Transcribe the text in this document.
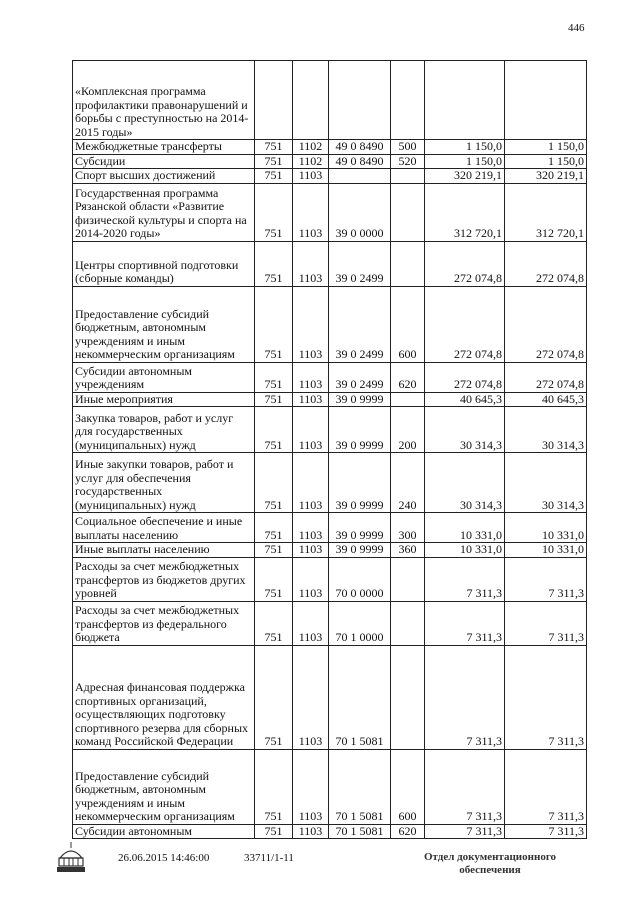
446
«Комплексная программа профилактики правонарушений и борьбы с преступностью на 2014-2015 годы»						
Межбюджетные трансферты	751	1102	49 0 8490	500	1 150,0	1 150,0
Субсидии	751	1102	49 0 8490	520	1 150,0	1 150,0
Спорт высших достижений	751	1103			320 219,1	320 219,1
Государственная программа Рязанской области «Развитие физической культуры и спорта на 2014-2020 годы»	751	1103	39 0 0000		312 720,1	312 720,1
Центры спортивной подготовки (сборные команды)	751	1103	39 0 2499		272 074,8	272 074,8
Предоставление субсидий бюджетным, автономным учреждениям и иным некоммерческим организациям	751	1103	39 0 2499	600	272 074,8	272 074,8
Субсидии автономным учреждениям	751	1103	39 0 2499	620	272 074,8	272 074,8
Иные мероприятия	751	1103	39 0 9999		40 645,3	40 645,3
Закупка товаров, работ и услуг для государственных (муниципальных) нужд	751	1103	39 0 9999	200	30 314,3	30 314,3
Иные закупки товаров, работ и услуг для обеспечения государственных (муниципальных) нужд	751	1103	39 0 9999	240	30 314,3	30 314,3
Социальное обеспечение и иные выплаты населению	751	1103	39 0 9999	300	10 331,0	10 331,0
Иные выплаты населению	751	1103	39 0 9999	360	10 331,0	10 331,0
Расходы за счет межбюджетных трансфертов из бюджетов других уровней	751	1103	70 0 0000		7 311,3	7 311,3
Расходы за счет межбюджетных трансфертов из федерального бюджета	751	1103	70 1 0000		7 311,3	7 311,3
Адресная финансовая поддержка спортивных организаций, осуществляющих подготовку спортивного резерва для сборных команд Российской Федерации	751	1103	70 1 5081		7 311,3	7 311,3
Предоставление субсидий бюджетным, автономным учреждениям и иным некоммерческим организациям	751	1103	70 1 5081	600	7 311,3	7 311,3
Субсидии автономным	751	1103	70 1 5081	620	7 311,3	7 311,3
26.06.2015 14:46:00	33711/1-11	Отдел документационного
обеспечения
